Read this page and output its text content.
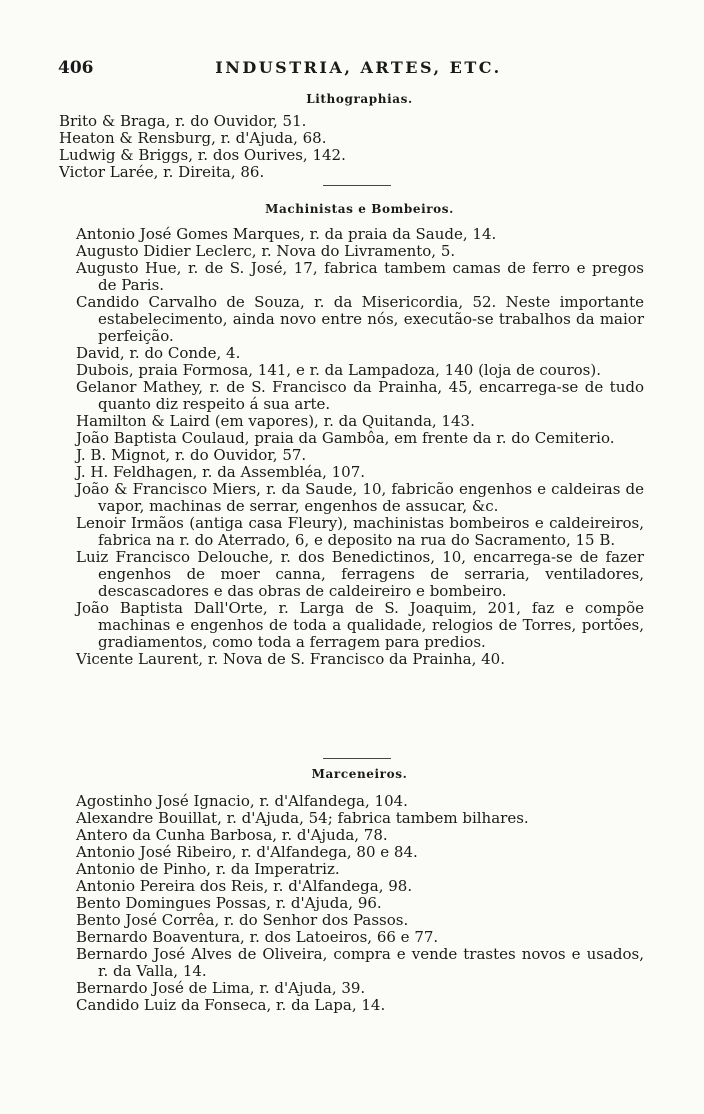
406	INDUSTRIA, ARTES, ETC.
Lithographias.
Brito & Braga, r. do Ouvidor, 51.
Heaton & Rensburg, r. d'Ajuda, 68.
Ludwig & Briggs, r. dos Ourives, 142.
Victor Larée, r. Direita, 86.
Machinistas e Bombeiros.
Antonio José Gomes Marques, r. da praia da Saude, 14.
Augusto Didier Leclerc, r. Nova do Livramento, 5.
Augusto Hue, r. de S. José, 17, fabrica tambem camas de ferro e pregos de Paris.
Candido Carvalho de Souza, r. da Misericordia, 52. Neste importante estabelecimento, ainda novo entre nós, executão-se trabalhos da maior perfeição.
David, r. do Conde, 4.
Dubois, praia Formosa, 141, e r. da Lampadoza, 140 (loja de couros).
Gelanor Mathey, r. de S. Francisco da Prainha, 45, encarrega-se de tudo quanto diz respeito á sua arte.
Hamilton & Laird (em vapores), r. da Quitanda, 143.
João Baptista Coulaud, praia da Gambôa, em frente da r. do Cemiterio.
J. B. Mignot, r. do Ouvidor, 57.
J. H. Feldhagen, r. da Assembléa, 107.
João & Francisco Miers, r. da Saude, 10, fabricão engenhos e caldeiras de vapor, machinas de serrar, engenhos de assucar, &c.
Lenoir Irmãos (antiga casa Fleury), machinistas bombeiros e caldeireiros, fabrica na r. do Aterrado, 6, e deposito na rua do Sacramento, 15 B.
Luiz Francisco Delouche, r. dos Benedictinos, 10, encarrega-se de fazer engenhos de moer canna, ferragens de serraria, ventiladores, descascadores e das obras de caldeireiro e bombeiro.
João Baptista Dall'Orte, r. Larga de S. Joaquim, 201, faz e compõe machinas e engenhos de toda a qualidade, relogios de Torres, portões, gradiamentos, como toda a ferragem para predios.
Vicente Laurent, r. Nova de S. Francisco da Prainha, 40.
Marceneiros.
Agostinho José Ignacio, r. d'Alfandega, 104.
Alexandre Bouillat, r. d'Ajuda, 54; fabrica tambem bilhares.
Antero da Cunha Barbosa, r. d'Ajuda, 78.
Antonio José Ribeiro, r. d'Alfandega, 80 e 84.
Antonio de Pinho, r. da Imperatriz.
Antonio Pereira dos Reis, r. d'Alfandega, 98.
Bento Domingues Possas, r. d'Ajuda, 96.
Bento José Corrêa, r. do Senhor dos Passos.
Bernardo Boaventura, r. dos Latoeiros, 66 e 77.
Bernardo José Alves de Oliveira, compra e vende trastes novos e usados, r. da Valla, 14.
Bernardo José de Lima, r. d'Ajuda, 39.
Candido Luiz da Fonseca, r. da Lapa, 14.
